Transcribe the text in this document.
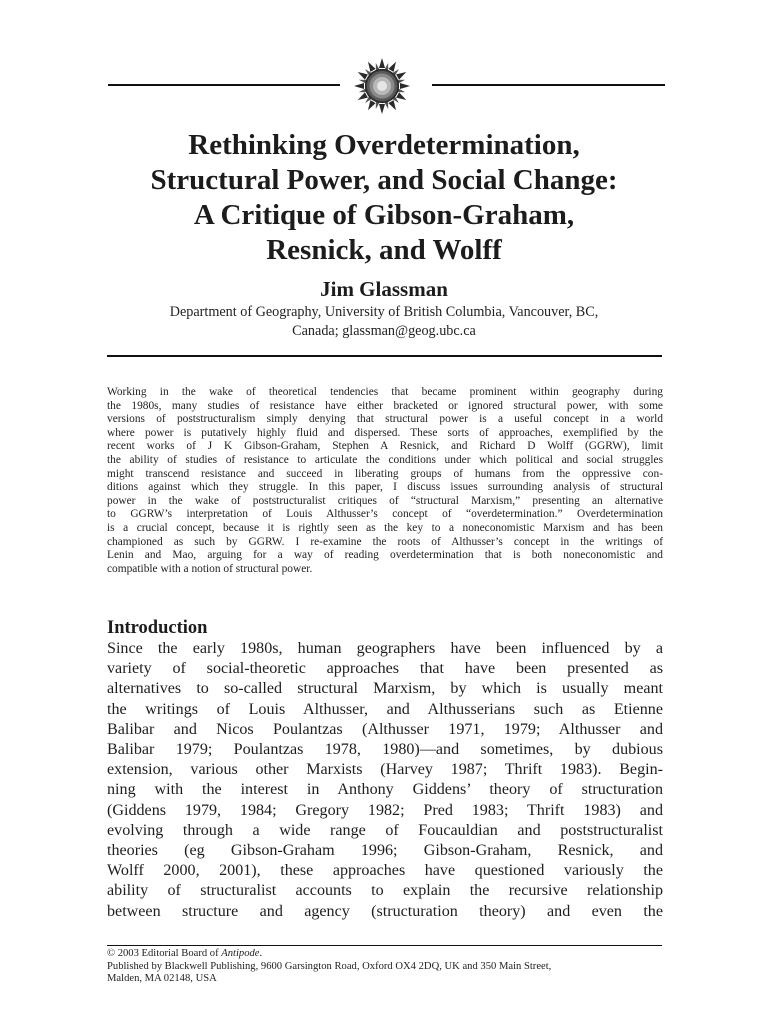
Rethinking Overdetermination,
Structural Power, and Social Change:
A Critique of Gibson-Graham,
Resnick, and Wolff
Jim Glassman
Department of Geography, University of British Columbia, Vancouver, BC,
Canada; glassman@geog.ubc.ca
Working in the wake of theoretical tendencies that became prominent within geography during
the 1980s, many studies of resistance have either bracketed or ignored structural power, with some
versions of poststructuralism simply denying that structural power is a useful concept in a world
where power is putatively highly fluid and dispersed. These sorts of approaches, exemplified by the
recent works of J K Gibson-Graham, Stephen A Resnick, and Richard D Wolff (GGRW), limit
the ability of studies of resistance to articulate the conditions under which political and social struggles
might transcend resistance and succeed in liberating groups of humans from the oppressive con-
ditions against which they struggle. In this paper, I discuss issues surrounding analysis of structural
power in the wake of poststructuralist critiques of “structural Marxism,” presenting an alternative
to GGRW’s interpretation of Louis Althusser’s concept of “overdetermination.” Overdetermination
is a crucial concept, because it is rightly seen as the key to a noneconomistic Marxism and has been
championed as such by GGRW. I re-examine the roots of Althusser’s concept in the writings of
Lenin and Mao, arguing for a way of reading overdetermination that is both noneconomistic and
compatible with a notion of structural power.
Introduction
Since the early 1980s, human geographers have been influenced by a
variety of social-theoretic approaches that have been presented as
alternatives to so-called structural Marxism, by which is usually meant
the writings of Louis Althusser, and Althusserians such as Etienne
Balibar and Nicos Poulantzas (Althusser 1971, 1979; Althusser and
Balibar 1979; Poulantzas 1978, 1980)—and sometimes, by dubious
extension, various other Marxists (Harvey 1987; Thrift 1983). Begin-
ning with the interest in Anthony Giddens’ theory of structuration
(Giddens 1979, 1984; Gregory 1982; Pred 1983; Thrift 1983) and
evolving through a wide range of Foucauldian and poststructuralist
theories (eg Gibson-Graham 1996; Gibson-Graham, Resnick, and
Wolff 2000, 2001), these approaches have questioned variously the
ability of structuralist accounts to explain the recursive relationship
between structure and agency (structuration theory) and even the
© 2003 Editorial Board of Antipode.
Published by Blackwell Publishing, 9600 Garsington Road, Oxford OX4 2DQ, UK and 350 Main Street,
Malden, MA 02148, USA
